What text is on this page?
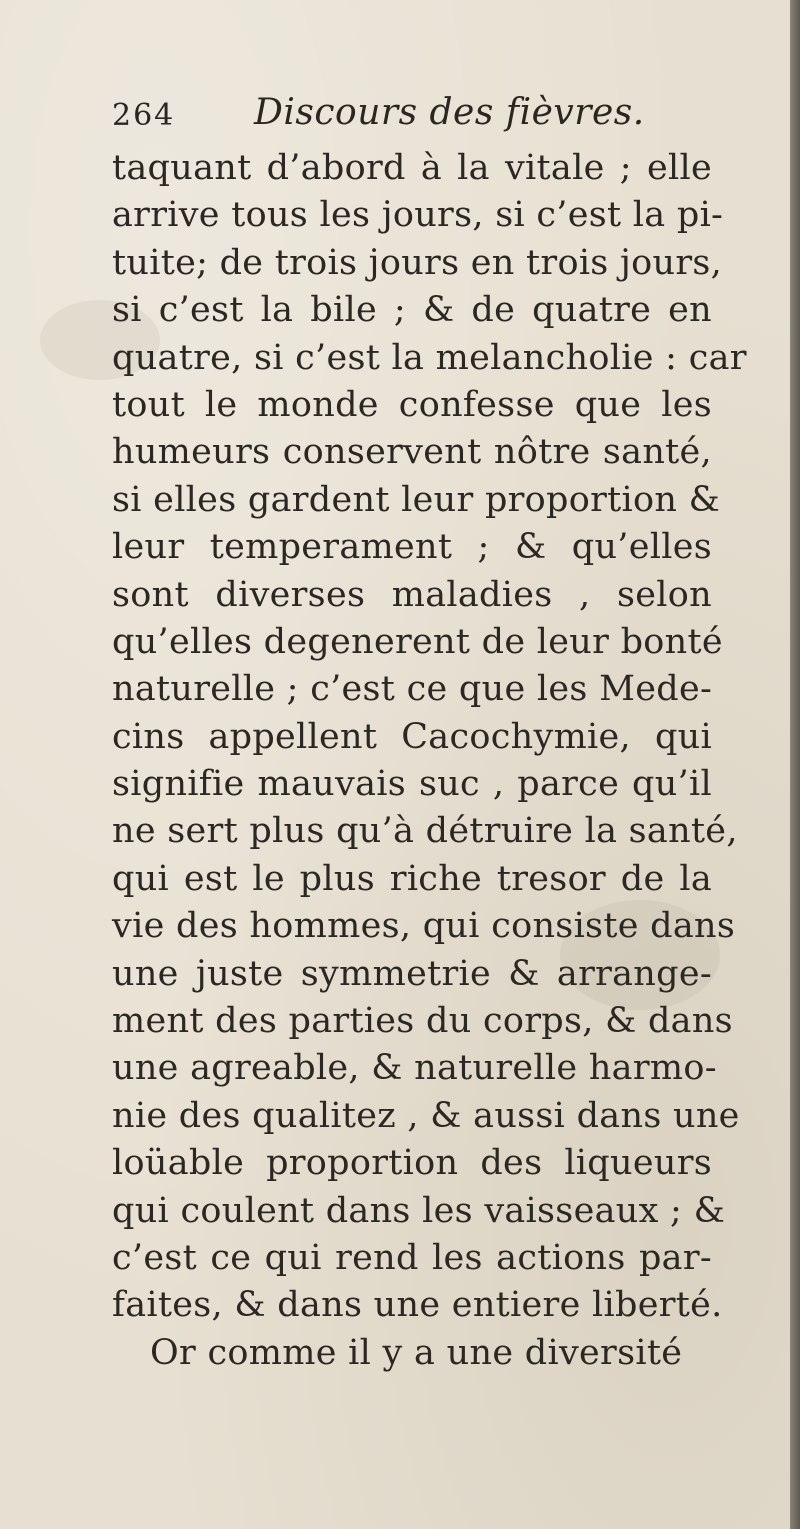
264 Discours des fièvres.
taquant d’abord à la vitale ; elle
arrive tous les jours, si c’est la pi-
tuite; de trois jours en trois jours,
si c’est la bile ; & de quatre en
quatre, si c’est la melancholie : car
tout le monde confesse que les
humeurs conservent nôtre santé,
si elles gardent leur proportion &
leur temperament ; & qu’elles
sont diverses maladies , selon
qu’elles degenerent de leur bonté
naturelle ; c’est ce que les Mede-
cins appellent Cacochymie, qui
signifie mauvais suc , parce qu’il
ne sert plus qu’à détruire la santé,
qui est le plus riche tresor de la
vie des hommes, qui consiste dans
une juste symmetrie & arrange-
ment des parties du corps, & dans
une agreable, & naturelle harmo-
nie des qualitez , & aussi dans une
loüable proportion des liqueurs
qui coulent dans les vaisseaux ; &
c’est ce qui rend les actions par-
faites, & dans une entiere liberté.
Or comme il y a une diversité
